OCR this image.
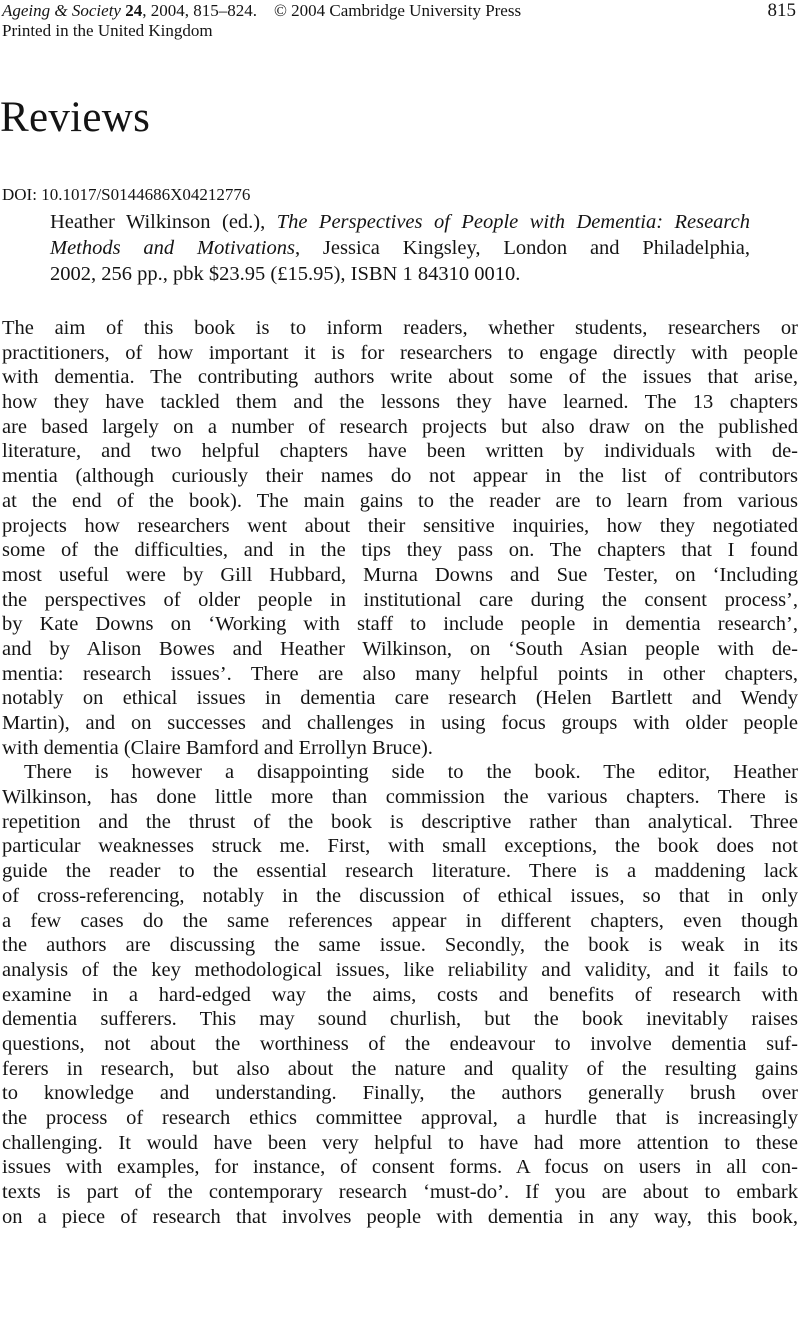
Ageing & Society 24, 2004, 815–824. © 2004 Cambridge University Press	815
Printed in the United Kingdom
Reviews
DOI: 10.1017/S0144686X04212776
Heather Wilkinson (ed.), The Perspectives of People with Dementia: Research
Methods and Motivations, Jessica Kingsley, London and Philadelphia,
2002, 256 pp., pbk $23.95 (£15.95), ISBN 1 84310 0010.
The aim of this book is to inform readers, whether students, researchers or
practitioners, of how important it is for researchers to engage directly with people
with dementia. The contributing authors write about some of the issues that arise,
how they have tackled them and the lessons they have learned. The 13 chapters
are based largely on a number of research projects but also draw on the published
literature, and two helpful chapters have been written by individuals with de-
mentia (although curiously their names do not appear in the list of contributors
at the end of the book). The main gains to the reader are to learn from various
projects how researchers went about their sensitive inquiries, how they negotiated
some of the difficulties, and in the tips they pass on. The chapters that I found
most useful were by Gill Hubbard, Murna Downs and Sue Tester, on ‘Including
the perspectives of older people in institutional care during the consent process’,
by Kate Downs on ‘Working with staff to include people in dementia research’,
and by Alison Bowes and Heather Wilkinson, on ‘South Asian people with de-
mentia: research issues’. There are also many helpful points in other chapters,
notably on ethical issues in dementia care research (Helen Bartlett and Wendy
Martin), and on successes and challenges in using focus groups with older people
with dementia (Claire Bamford and Errollyn Bruce).
There is however a disappointing side to the book. The editor, Heather
Wilkinson, has done little more than commission the various chapters. There is
repetition and the thrust of the book is descriptive rather than analytical. Three
particular weaknesses struck me. First, with small exceptions, the book does not
guide the reader to the essential research literature. There is a maddening lack
of cross-referencing, notably in the discussion of ethical issues, so that in only
a few cases do the same references appear in different chapters, even though
the authors are discussing the same issue. Secondly, the book is weak in its
analysis of the key methodological issues, like reliability and validity, and it fails to
examine in a hard-edged way the aims, costs and benefits of research with
dementia sufferers. This may sound churlish, but the book inevitably raises
questions, not about the worthiness of the endeavour to involve dementia suf-
ferers in research, but also about the nature and quality of the resulting gains
to knowledge and understanding. Finally, the authors generally brush over
the process of research ethics committee approval, a hurdle that is increasingly
challenging. It would have been very helpful to have had more attention to these
issues with examples, for instance, of consent forms. A focus on users in all con-
texts is part of the contemporary research ‘must-do’. If you are about to embark
on a piece of research that involves people with dementia in any way, this book,
